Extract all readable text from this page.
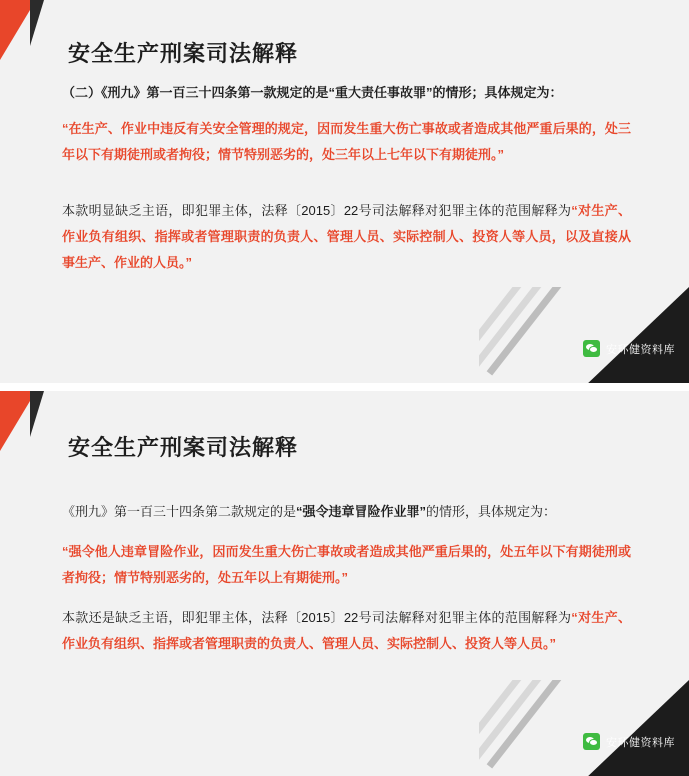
安全生产刑案司法解释

（二）《刑九》第一百三十四条第一款规定的是“重大责任事故罪”的情形；具体规定为：

“在生产、作业中违反有关安全管理的规定，因而发生重大伤亡事故或者造成其他严重后果的，处三年以下有期徒刑或者拘役；情节特别恶劣的，处三年以上七年以下有期徒刑。”

本款明显缺乏主语，即犯罪主体，法释〔2015〕22号司法解释对犯罪主体的范围解释为“对生产、作业负有组织、指挥或者管理职责的负责人、管理人员、实际控制人、投资人等人员，以及直接从事生产、作业的人员。”

安环健资料库
安全生产刑案司法解释

《刑九》第一百三十四条第二款规定的是“强令违章冒险作业罪”的情形，具体规定为：

“强令他人违章冒险作业，因而发生重大伤亡事故或者造成其他严重后果的，处五年以下有期徒刑或者拘役；情节特别恶劣的，处五年以上有期徒刑。”

本款还是缺乏主语，即犯罪主体，法释〔2015〕22号司法解释对犯罪主体的范围解释为“对生产、作业负有组织、指挥或者管理职责的负责人、管理人员、实际控制人、投资人等人员。”

安环健资料库
